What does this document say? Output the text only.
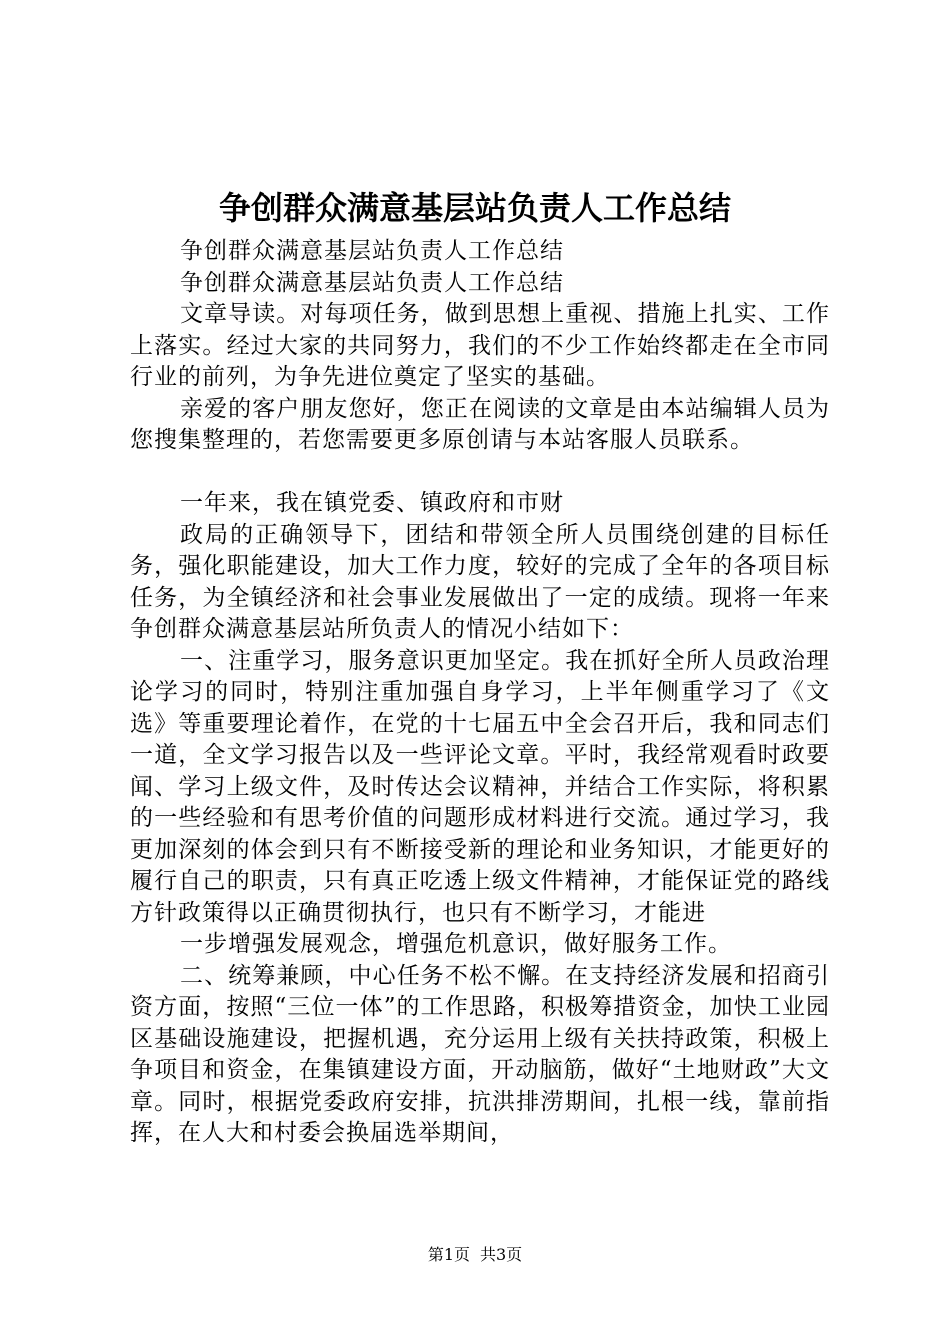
争创群众满意基层站负责人工作总结

争创群众满意基层站负责人工作总结

争创群众满意基层站负责人工作总结

文章导读。对每项任务，做到思想上重视、措施上扎实、工作上落实。经过大家的共同努力，我们的不少工作始终都走在全市同行业的前列，为争先进位奠定了坚实的基础。

亲爱的客户朋友您好，您正在阅读的文章是由本站编辑人员为您搜集整理的，若您需要更多原创请与本站客服人员联系。

一年来，我在镇党委、镇政府和市财

政局的正确领导下，团结和带领全所人员围绕创建的目标任务，强化职能建设，加大工作力度，较好的完成了全年的各项目标任务，为全镇经济和社会事业发展做出了一定的成绩。现将一年来争创群众满意基层站所负责人的情况小结如下：

一、注重学习，服务意识更加坚定。我在抓好全所人员政治理论学习的同时，特别注重加强自身学习，上半年侧重学习了《文选》等重要理论着作，在党的十七届五中全会召开后，我和同志们一道，全文学习报告以及一些评论文章。平时，我经常观看时政要闻、学习上级文件，及时传达会议精神，并结合工作实际，将积累的一些经验和有思考价值的问题形成材料进行交流。通过学习，我更加深刻的体会到只有不断接受新的理论和业务知识，才能更好的履行自己的职责，只有真正吃透上级文件精神，才能保证党的路线方针政策得以正确贯彻执行，也只有不断学习，才能进

一步增强发展观念，增强危机意识，做好服务工作。

二、统筹兼顾，中心任务不松不懈。在支持经济发展和招商引资方面，按照“三位一体”的工作思路，积极筹措资金，加快工业园区基础设施建设，把握机遇，充分运用上级有关扶持政策，积极上争项目和资金，在集镇建设方面，开动脑筋，做好“土地财政”大文章。同时，根据党委政府安排，抗洪排涝期间，扎根一线，靠前指挥，在人大和村委会换届选举期间，

第1页 共3页
